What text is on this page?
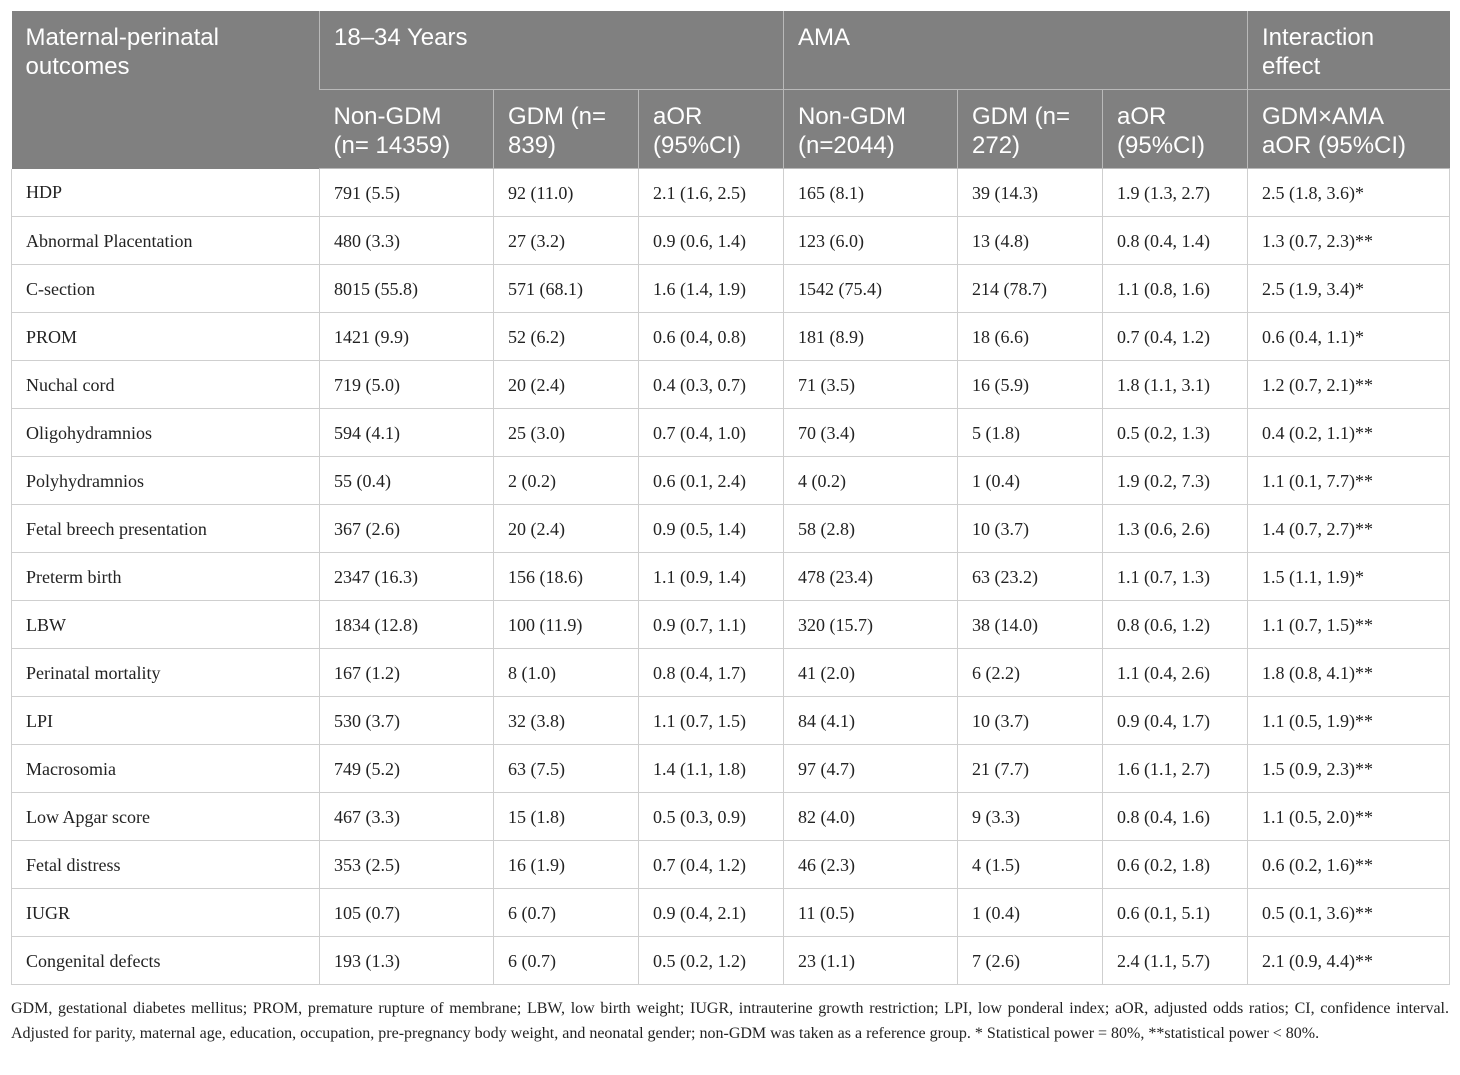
Maternal-perinatal outcomes	18–34 Years			AMA			Interaction effect
	Non-GDM (n= 14359)	GDM (n= 839)	aOR (95%CI)	Non-GDM (n=2044)	GDM (n= 272)	aOR (95%CI)	GDM×AMA aOR (95%CI)
HDP	791 (5.5)	92 (11.0)	2.1 (1.6, 2.5)	165 (8.1)	39 (14.3)	1.9 (1.3, 2.7)	2.5 (1.8, 3.6)*
Abnormal Placentation	480 (3.3)	27 (3.2)	0.9 (0.6, 1.4)	123 (6.0)	13 (4.8)	0.8 (0.4, 1.4)	1.3 (0.7, 2.3)**
C-section	8015 (55.8)	571 (68.1)	1.6 (1.4, 1.9)	1542 (75.4)	214 (78.7)	1.1 (0.8, 1.6)	2.5 (1.9, 3.4)*
PROM	1421 (9.9)	52 (6.2)	0.6 (0.4, 0.8)	181 (8.9)	18 (6.6)	0.7 (0.4, 1.2)	0.6 (0.4, 1.1)*
Nuchal cord	719 (5.0)	20 (2.4)	0.4 (0.3, 0.7)	71 (3.5)	16 (5.9)	1.8 (1.1, 3.1)	1.2 (0.7, 2.1)**
Oligohydramnios	594 (4.1)	25 (3.0)	0.7 (0.4, 1.0)	70 (3.4)	5 (1.8)	0.5 (0.2, 1.3)	0.4 (0.2, 1.1)**
Polyhydramnios	55 (0.4)	2 (0.2)	0.6 (0.1, 2.4)	4 (0.2)	1 (0.4)	1.9 (0.2, 7.3)	1.1 (0.1, 7.7)**
Fetal breech presentation	367 (2.6)	20 (2.4)	0.9 (0.5, 1.4)	58 (2.8)	10 (3.7)	1.3 (0.6, 2.6)	1.4 (0.7, 2.7)**
Preterm birth	2347 (16.3)	156 (18.6)	1.1 (0.9, 1.4)	478 (23.4)	63 (23.2)	1.1 (0.7, 1.3)	1.5 (1.1, 1.9)*
LBW	1834 (12.8)	100 (11.9)	0.9 (0.7, 1.1)	320 (15.7)	38 (14.0)	0.8 (0.6, 1.2)	1.1 (0.7, 1.5)**
Perinatal mortality	167 (1.2)	8 (1.0)	0.8 (0.4, 1.7)	41 (2.0)	6 (2.2)	1.1 (0.4, 2.6)	1.8 (0.8, 4.1)**
LPI	530 (3.7)	32 (3.8)	1.1 (0.7, 1.5)	84 (4.1)	10 (3.7)	0.9 (0.4, 1.7)	1.1 (0.5, 1.9)**
Macrosomia	749 (5.2)	63 (7.5)	1.4 (1.1, 1.8)	97 (4.7)	21 (7.7)	1.6 (1.1, 2.7)	1.5 (0.9, 2.3)**
Low Apgar score	467 (3.3)	15 (1.8)	0.5 (0.3, 0.9)	82 (4.0)	9 (3.3)	0.8 (0.4, 1.6)	1.1 (0.5, 2.0)**
Fetal distress	353 (2.5)	16 (1.9)	0.7 (0.4, 1.2)	46 (2.3)	4 (1.5)	0.6 (0.2, 1.8)	0.6 (0.2, 1.6)**
IUGR	105 (0.7)	6 (0.7)	0.9 (0.4, 2.1)	11 (0.5)	1 (0.4)	0.6 (0.1, 5.1)	0.5 (0.1, 3.6)**
Congenital defects	193 (1.3)	6 (0.7)	0.5 (0.2, 1.2)	23 (1.1)	7 (2.6)	2.4 (1.1, 5.7)	2.1 (0.9, 4.4)**
GDM, gestational diabetes mellitus; PROM, premature rupture of membrane; LBW, low birth weight; IUGR, intrauterine growth restriction; LPI, low ponderal index; aOR, adjusted odds ratios; CI, confidence interval. Adjusted for parity, maternal age, education, occupation, pre-pregnancy body weight, and neonatal gender; non-GDM was taken as a reference group. * Statistical power = 80%, **statistical power < 80%.
